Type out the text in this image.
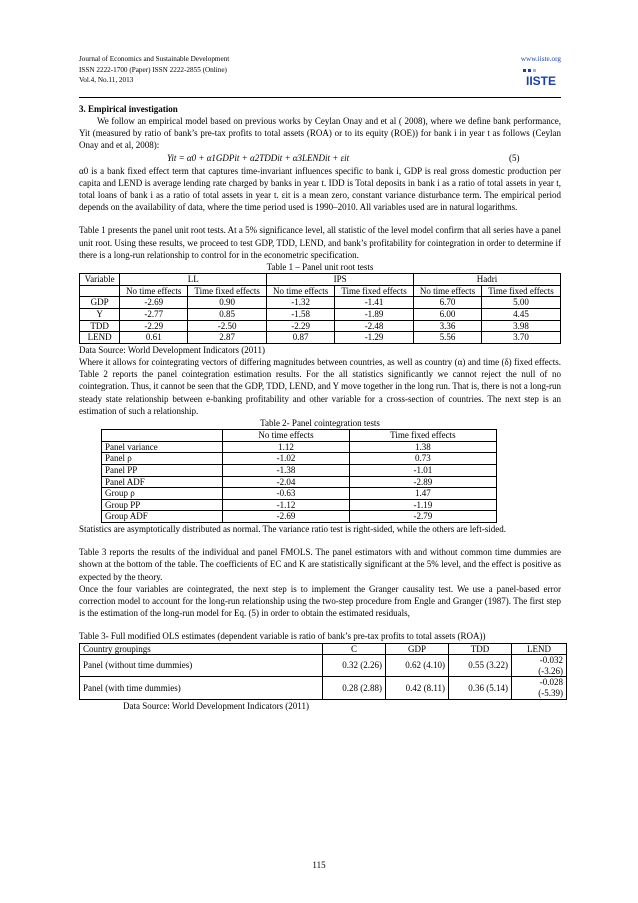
Journal of Economics and Sustainable Development
ISSN 2222-1700 (Paper) ISSN 2222-2855 (Online)
Vol.4, No.11, 2013
www.iiste.org
IISTE
3. Empirical investigation

We follow an empirical model based on previous works by Ceylan Onay and et al ( 2008), where we define bank performance, Yit (measured by ratio of bank’s pre-tax profits to total assets (ROA) or to its equity (ROE)) for bank i in year t as follows (Ceylan Onay and et al, 2008):

Yit = α0 + α1GDPit + α2TDDit + α3LENDit + εit	(5)

α0 is a bank fixed effect term that captures time-invariant influences specific to bank i, GDP is real gross domestic production per capita and LEND is average lending rate charged by banks in year t. IDD is Total deposits in bank i as a ratio of total assets in year t, total loans of bank i as a ratio of total assets in year t. εit is a mean zero, constant variance disturbance term. The empirical period depends on the availability of data, where the time period used is 1990–2010. All variables used are in natural logarithms.

Table 1 presents the panel unit root tests. At a 5% significance level, all statistic of the level model confirm that all series have a panel unit root. Using these results, we proceed to test GDP, TDD, LEND, and bank’s profitability for cointegration in order to determine if there is a long-run relationship to control for in the econometric specification.

Table 1 – Panel unit root tests
Variable	LL		IPS		Hadri	
	No time effects	Time fixed effects	No time effects	Time fixed effects	No time effects	Time fixed effects
GDP	-2.69	0.90	-1.32	-1.41	6.70	5.00
Y	-2.77	0.85	-1.58	-1.89	6.00	4.45
TDD	-2.29	-2.50	-2.29	-2.48	3.36	3.98
LEND	0.61	2.87	0.87	-1.29	5.56	3.70
Data Source: World Development Indicators (2011)

Where it allows for cointegrating vectors of differing magnitudes between countries, as well as country (α) and time (δ) fixed effects. Table 2 reports the panel cointegration estimation results. For the all statistics significantly we cannot reject the null of no cointegration. Thus, it cannot be seen that the GDP, TDD, LEND, and Y move together in the long run. That is, there is not a long-run steady state relationship between e-banking profitability and other variable for a cross-section of countries. The next step is an estimation of such a relationship.

Table 2- Panel cointegration tests
	No time effects	Time fixed effects
Panel variance	1.12	1.38
Panel ρ	-1.02	0.73
Panel PP	-1.38	-1.01
Panel ADF	-2.04	-2.89
Group ρ	-0.63	1.47
Group PP	-1.12	-1.19
Group ADF	-2.69	-2.79

Statistics are asymptotically distributed as normal. The variance ratio test is right-sided, while the others are left-sided.

Table 3 reports the results of the individual and panel FMOLS. The panel estimators with and without common time dummies are shown at the bottom of the table. The coefficients of EC and K are statistically significant at the 5% level, and the effect is positive as expected by the theory.

Once the four variables are cointegrated, the next step is to implement the Granger causality test. We use a panel-based error correction model to account for the long-run relationship using the two-step procedure from Engle and Granger (1987). The first step is the estimation of the long-run model for Eq. (5) in order to obtain the estimated residuals,

Table 3- Full modified OLS estimates (dependent variable is ratio of bank’s pre-tax profits to total assets (ROA))
Country groupings	C	GDP	TDD	LEND
Panel (without time dummies)	0.32 (2.26)	0.62 (4.10)	0.55 (3.22)	-0.032 (-3.26)
Panel (with time dummies)	0.28 (2.88)	0.42 (8.11)	0.36 (5.14)	-0.028 (-5.39)
Data Source: World Development Indicators (2011)
115
